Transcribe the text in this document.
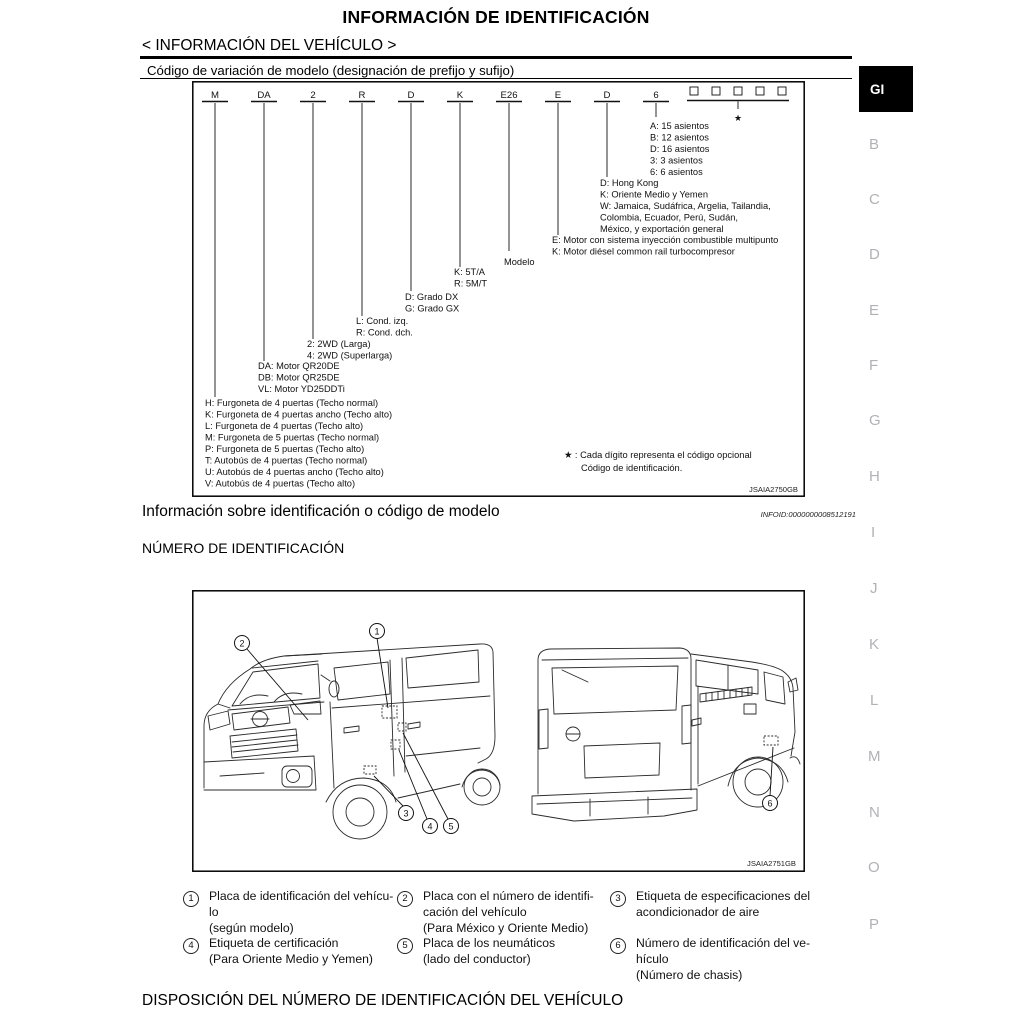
INFORMACIÓN DE IDENTIFICACIÓN
< INFORMACIÓN DEL VEHÍCULO >
Código de variación de modelo (designación de prefijo y sufijo)
M	DA	2	R	D	K	E26	E	D	6
★
A: 15 asientos
B: 12 asientos
D: 16 asientos
3: 3 asientos
6: 6 asientos
D: Hong Kong
K: Oriente Medio y Yemen
W: Jamaica, Sudáfrica, Argelia, Tailandia,
Colombia, Ecuador, Perú, Sudán,
México, y exportación general
E: Motor con sistema inyección combustible multipunto
K: Motor diésel common rail turbocompresor
Modelo
K: 5T/A
R: 5M/T
D: Grado DX
G: Grado GX
L: Cond. izq.
R: Cond. dch.
2: 2WD (Larga)
4: 2WD (Superlarga)
DA: Motor QR20DE
DB: Motor QR25DE
VL: Motor YD25DDTi
H: Furgoneta de 4 puertas (Techo normal)
K: Furgoneta de 4 puertas ancho (Techo alto)
L: Furgoneta de 4 puertas (Techo alto)
M: Furgoneta de 5 puertas (Techo normal)
P: Furgoneta de 5 puertas (Techo alto)
T: Autobús de 4 puertas (Techo normal)
U: Autobús de 4 puertas ancho (Techo alto)
V: Autobús de 4 puertas (Techo alto)
★ : Cada dígito representa el código opcional
Código de identificación.
JSAIA2750GB
Información sobre identificación o código de modelo	INFOID:0000000008512191
NÚMERO DE IDENTIFICACIÓN
1
2
3
4 5
6
JSAIA2751GB
1	Placa de identificación del vehícu-
lo
(según modelo)
2	Placa con el número de identifi-
cación del vehículo
(Para México y Oriente Medio)
3	Etiqueta de especificaciones del
acondicionador de aire
4	Etiqueta de certificación
(Para Oriente Medio y Yemen)
5	Placa de los neumáticos
(lado del conductor)
6	Número de identificación del ve-
hículo
(Número de chasis)
DISPOSICIÓN DEL NÚMERO DE IDENTIFICACIÓN DEL VEHÍCULO
GI
B
C
D
E
F
G
H
I
J
K
L
M
N
O
P
